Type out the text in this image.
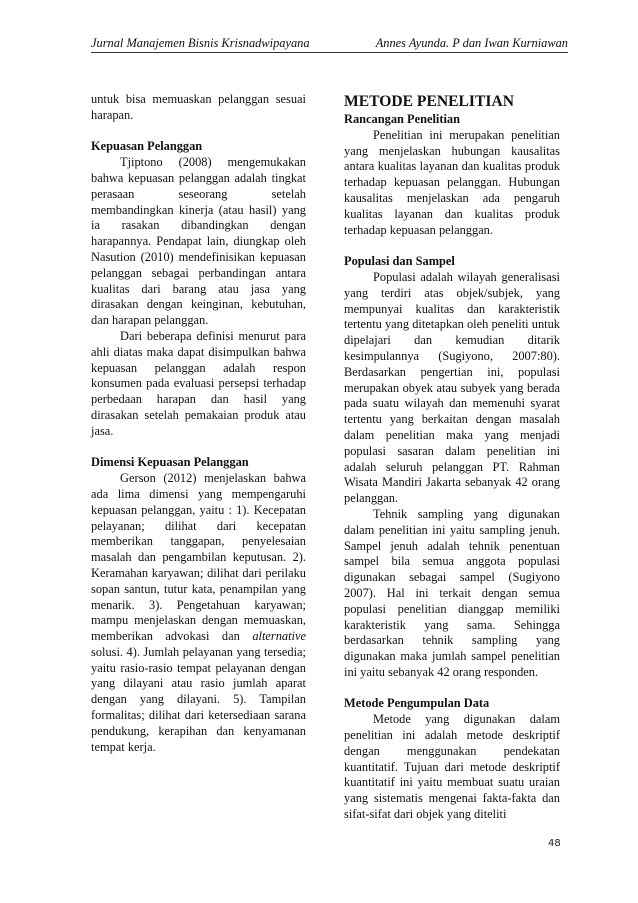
Jurnal Manajemen Bisnis Krisnadwipayana	Annes Ayunda. P dan Iwan Kurniawan

untuk bisa memuaskan pelanggan sesuai harapan.

Kepuasan Pelanggan

Tjiptono (2008) mengemukakan bahwa kepuasan pelanggan adalah tingkat perasaan seseorang setelah membandingkan kinerja (atau hasil) yang ia rasakan dibandingkan dengan harapannya. Pendapat lain, diungkap oleh Nasution (2010) mendefinisikan kepuasan pelanggan sebagai perbandingan antara kualitas dari barang atau jasa yang dirasakan dengan keinginan, kebutuhan, dan harapan pelanggan.

Dari beberapa definisi menurut para ahli diatas maka dapat disimpulkan bahwa kepuasan pelanggan adalah respon konsumen pada evaluasi persepsi terhadap perbedaan harapan dan hasil yang dirasakan setelah pemakaian produk atau jasa.

Dimensi Kepuasan Pelanggan

Gerson (2012) menjelaskan bahwa ada lima dimensi yang mempengaruhi kepuasan pelanggan, yaitu : 1). Kecepatan pelayanan; dilihat dari kecepatan memberikan tanggapan, penyelesaian masalah dan pengambilan keputusan. 2). Keramahan karyawan; dilihat dari perilaku sopan santun, tutur kata, penampilan yang menarik. 3). Pengetahuan karyawan; mampu menjelaskan dengan memuaskan, memberikan advokasi dan alternative solusi. 4). Jumlah pelayanan yang tersedia; yaitu rasio-rasio tempat pelayanan dengan yang dilayani atau rasio jumlah aparat dengan yang dilayani. 5). Tampilan formalitas; dilihat dari ketersediaan sarana pendukung, kerapihan dan kenyamanan tempat kerja.

METODE PENELITIAN

Rancangan Penelitian

Penelitian ini merupakan penelitian yang menjelaskan hubungan kausalitas antara kualitas layanan dan kualitas produk terhadap kepuasan pelanggan. Hubungan kausalitas menjelaskan ada pengaruh kualitas layanan dan kualitas produk terhadap kepuasan pelanggan.

Populasi dan Sampel

Populasi adalah wilayah generalisasi yang terdiri atas objek/subjek, yang mempunyai kualitas dan karakteristik tertentu yang ditetapkan oleh peneliti untuk dipelajari dan kemudian ditarik kesimpulannya (Sugiyono, 2007:80). Berdasarkan pengertian ini, populasi merupakan obyek atau subyek yang berada pada suatu wilayah dan memenuhi syarat tertentu yang berkaitan dengan masalah dalam penelitian maka yang menjadi populasi sasaran dalam penelitian ini adalah seluruh pelanggan PT. Rahman Wisata Mandiri Jakarta sebanyak 42 orang pelanggan.

Tehnik sampling yang digunakan dalam penelitian ini yaitu sampling jenuh. Sampel jenuh adalah tehnik penentuan sampel bila semua anggota populasi digunakan sebagai sampel (Sugiyono 2007). Hal ini terkait dengan semua populasi penelitian dianggap memiliki karakteristik yang sama. Sehingga berdasarkan tehnik sampling yang digunakan maka jumlah sampel penelitian ini yaitu sebanyak 42 orang responden.

Metode Pengumpulan Data

Metode yang digunakan dalam penelitian ini adalah metode deskriptif dengan menggunakan pendekatan kuantitatif. Tujuan dari metode deskriptif kuantitatif ini yaitu membuat suatu uraian yang sistematis mengenai fakta-fakta dan sifat-sifat dari objek yang diteliti

48
